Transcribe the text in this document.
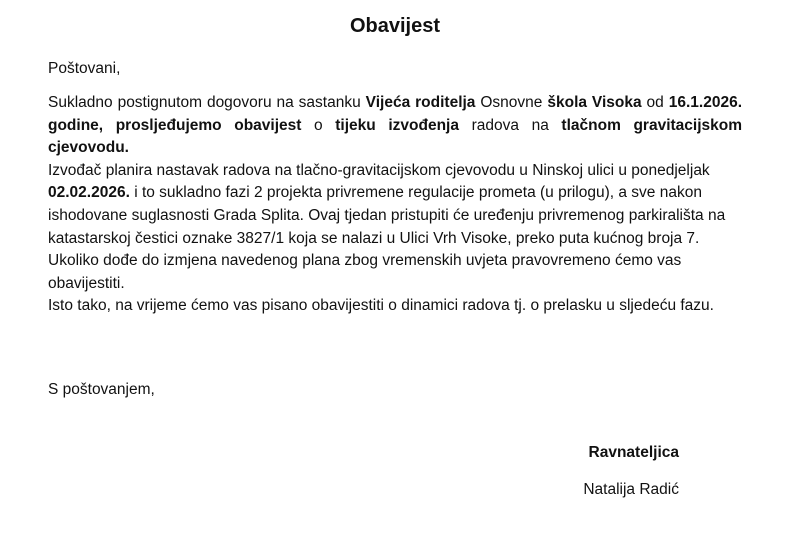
Obavijest
Poštovani,

Sukladno postignutom dogovoru na sastanku Vijeća roditelja Osnovne škola Visoka od 16.1.2026. godine, prosljeđujemo obavijest o tijeku izvođenja radova na tlačnom gravitacijskom cjevovodu.

Izvođač planira nastavak radova na tlačno-gravitacijskom cjevovodu u Ninskoj ulici u ponedjeljak 02.02.2026. i to sukladno fazi 2 projekta privremene regulacije prometa (u prilogu), a sve nakon ishodovane suglasnosti Grada Splita. Ovaj tjedan pristupiti će uređenju privremenog parkirališta na katastarskoj čestici oznake 3827/1 koja se nalazi u Ulici Vrh Visoke, preko puta kućnog broja 7. Ukoliko dođe do izmjena navedenog plana zbog vremenskih uvjeta pravovremeno ćemo vas obavijestiti.

Isto tako, na vrijeme ćemo vas pisano obavijestiti o dinamici radova tj. o prelasku u sljedeću fazu.

S poštovanjem,
Ravnateljica
Natalija Radić
